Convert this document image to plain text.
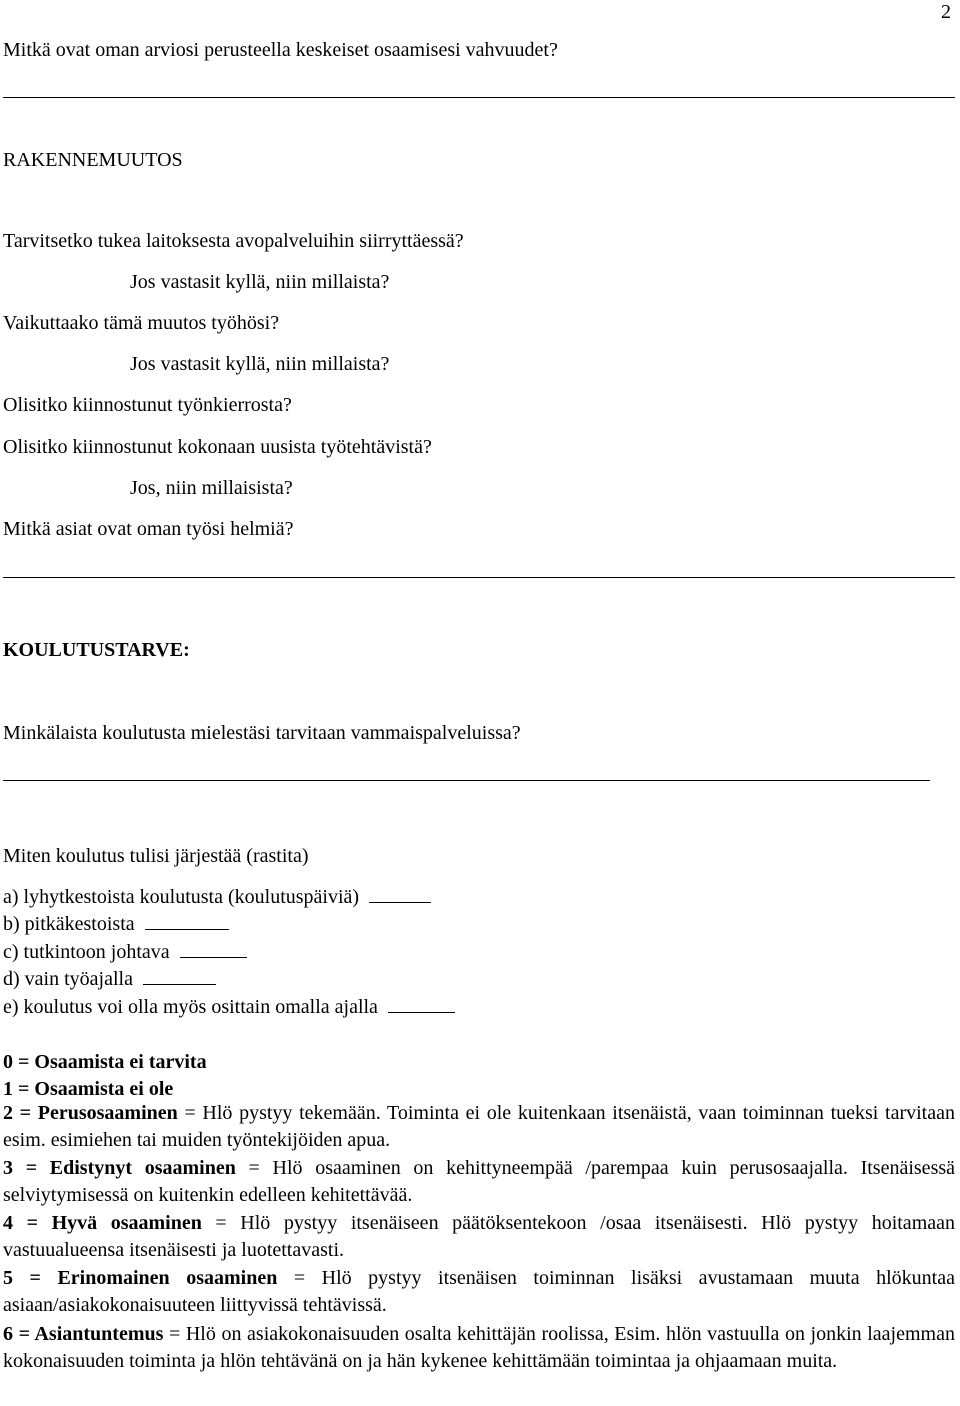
2
Mitkä ovat oman arviosi perusteella keskeiset osaamisesi vahvuudet?
RAKENNEMUUTOS
Tarvitsetko tukea laitoksesta avopalveluihin siirryttäessä?
Jos vastasit kyllä, niin millaista?
Vaikuttaako tämä muutos työhösi?
Jos vastasit kyllä, niin millaista?
Olisitko kiinnostunut työnkierrosta?
Olisitko kiinnostunut kokonaan uusista työtehtävistä?
Jos, niin millaisista?
Mitkä asiat ovat oman työsi helmiä?
KOULUTUSTARVE:
Minkälaista koulutusta mielestäsi tarvitaan vammaispalveluissa?
Miten koulutus tulisi järjestää (rastita)
a) lyhytkestoista koulutusta (koulutuspäiviä)
b) pitkäkestoista
c) tutkintoon johtava
d) vain työajalla
e) koulutus voi olla myös osittain omalla ajalla
0 = Osaamista ei tarvita
1 = Osaamista ei ole
2 = Perusosaaminen = Hlö pystyy tekemään. Toiminta ei ole kuitenkaan itsenäistä, vaan toiminnan tueksi tarvitaan esim. esimiehen tai muiden työntekijöiden apua.
3 = Edistynyt osaaminen = Hlö osaaminen on kehittyneempää /parempaa kuin perusosaajalla. Itsenäisessä selviytymisessä on kuitenkin edelleen kehitettävää.
4 = Hyvä osaaminen = Hlö pystyy itsenäiseen päätöksentekoon /osaa itsenäisesti. Hlö pystyy hoitamaan vastuualueensa itsenäisesti ja luotettavasti.
5 = Erinomainen osaaminen = Hlö pystyy itsenäisen toiminnan lisäksi avustamaan muuta hlökuntaa asiaan/asiakokonaisuuteen liittyvissä tehtävissä.
6 = Asiantuntemus = Hlö on asiakokonaisuuden osalta kehittäjän roolissa, Esim. hlön vastuulla on jonkin laajemman kokonaisuuden toiminta ja hlön tehtävänä on ja hän kykenee kehittämään toimintaa ja ohjaamaan muita.
